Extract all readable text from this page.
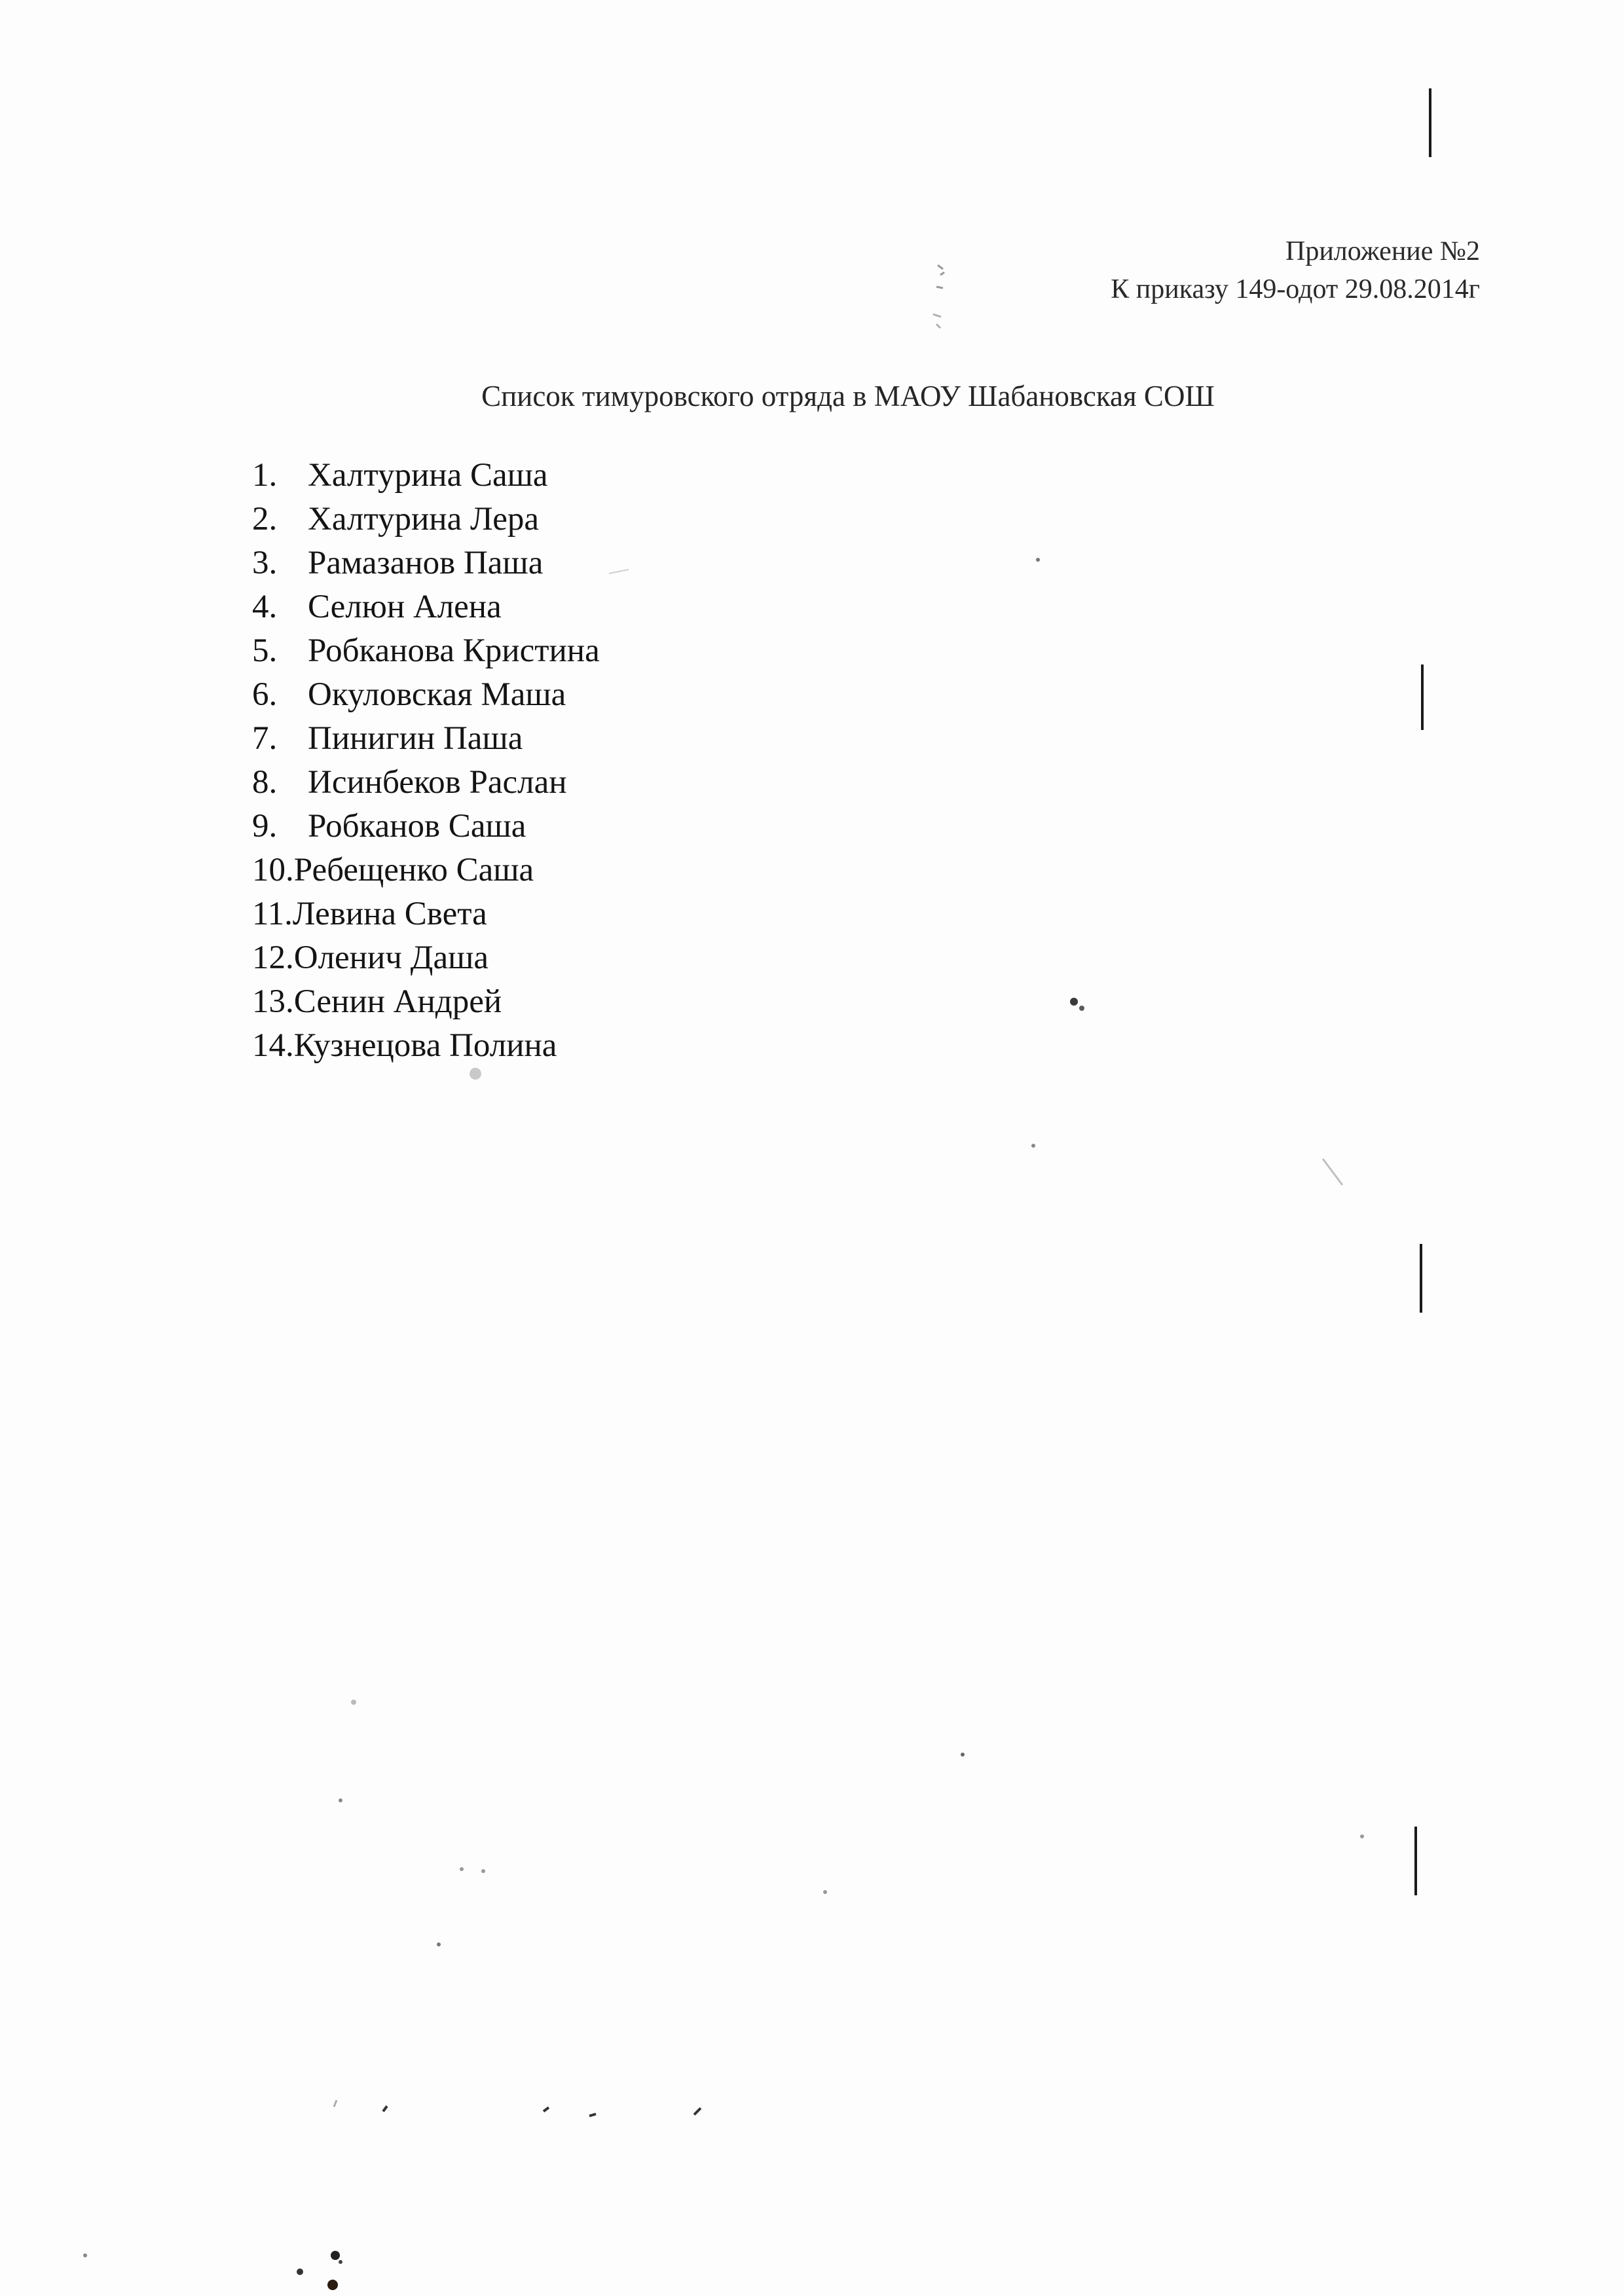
Приложение №2
К приказу 149-одот 29.08.2014г
Список тимуровского отряда в МАОУ Шабановская СОШ
1. Халтурина Саша
2. Халтурина Лера
3. Рамазанов Паша
4. Селюн Алена
5. Робканова Кристина
6. Окуловская Маша
7. Пинигин Паша
8. Исинбеков Раслан
9. Робканов Саша
10.Ребещенко Саша
11.Левина Света
12.Оленич Даша
13.Сенин Андрей
14.Кузнецова Полина
